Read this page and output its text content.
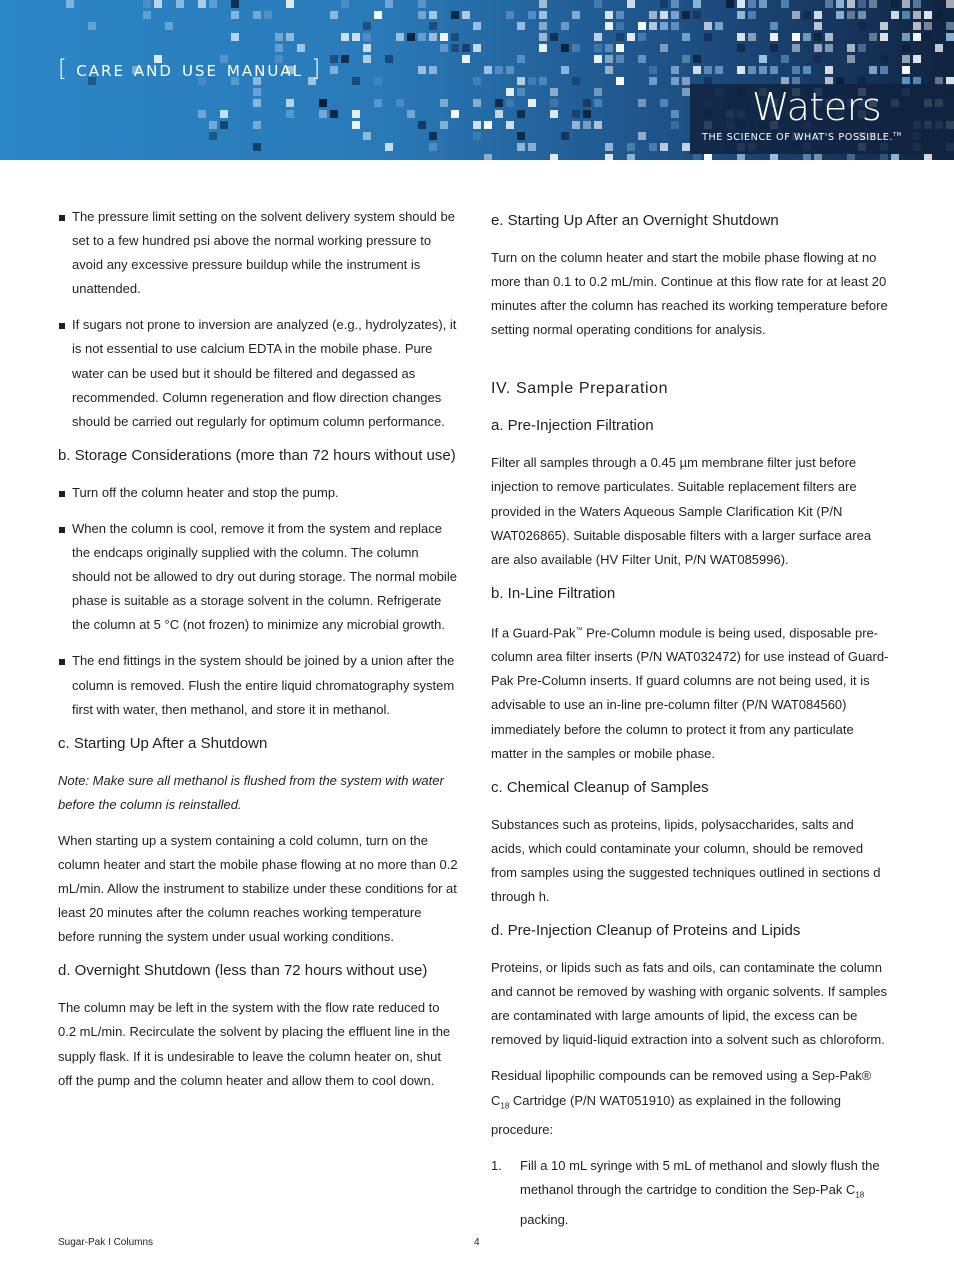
[ care and use manual ]
Waters
THE SCIENCE OF WHAT'S POSSIBLE.™
The pressure limit setting on the solvent delivery system should be set to a few hundred psi above the normal working pressure to avoid any excessive pressure buildup while the instrument is unattended.
If sugars not prone to inversion are analyzed (e.g., hydrolyzates), it is not essential to use calcium EDTA in the mobile phase. Pure water can be used but it should be filtered and degassed as recommended. Column regeneration and flow direction changes should be carried out regularly for optimum column performance.
b. Storage Considerations (more than 72 hours without use)
Turn off the column heater and stop the pump.
When the column is cool, remove it from the system and replace the endcaps originally supplied with the column. The column should not be allowed to dry out during storage. The normal mobile phase is suitable as a storage solvent in the column. Refrigerate the column at 5 °C (not frozen) to minimize any microbial growth.
The end fittings in the system should be joined by a union after the column is removed. Flush the entire liquid chromatography system first with water, then methanol, and store it in methanol.
c. Starting Up After a Shutdown

Note: Make sure all methanol is flushed from the system with water before the column is reinstalled.

When starting up a system containing a cold column, turn on the column heater and start the mobile phase flowing at no more than 0.2 mL/min. Allow the instrument to stabilize under these conditions for at least 20 minutes after the column reaches working temperature before running the system under usual working conditions.

d. Overnight Shutdown (less than 72 hours without use)

The column may be left in the system with the flow rate reduced to 0.2 mL/min. Recirculate the solvent by placing the effluent line in the supply flask. If it is undesirable to leave the column heater on, shut off the pump and the column heater and allow them to cool down.

e. Starting Up After an Overnight Shutdown

Turn on the column heater and start the mobile phase flowing at no more than 0.1 to 0.2 mL/min. Continue at this flow rate for at least 20 minutes after the column has reached its working temperature before setting normal operating conditions for analysis.

IV. Sample Preparation
a. Pre-Injection Filtration

Filter all samples through a 0.45 µm membrane filter just before injection to remove particulates. Suitable replacement filters are provided in the Waters Aqueous Sample Clarification Kit (P/N WAT026865). Suitable disposable filters with a larger surface area are also available (HV Filter Unit, P/N WAT085996).

b. In-Line Filtration

If a Guard-Pak™ Pre-Column module is being used, disposable pre-column area filter inserts (P/N WAT032472) for use instead of Guard-Pak Pre-Column inserts. If guard columns are not being used, it is advisable to use an in-line pre-column filter (P/N WAT084560) immediately before the column to protect it from any particulate matter in the samples or mobile phase.

c. Chemical Cleanup of Samples

Substances such as proteins, lipids, polysaccharides, salts and acids, which could contaminate your column, should be removed from samples using the suggested techniques outlined in sections d through h.

d. Pre-Injection Cleanup of Proteins and Lipids

Proteins, or lipids such as fats and oils, can contaminate the column and cannot be removed by washing with organic solvents. If samples are contaminated with large amounts of lipid, the excess can be removed by liquid-liquid extraction into a solvent such as chloroform.

Residual lipophilic compounds can be removed using a Sep-Pak® $C_{18}$ Cartridge (P/N WAT051910) as explained in the following procedure:

1. Fill a 10 mL syringe with 5 mL of methanol and slowly flush the methanol through the cartridge to condition the Sep-Pak $C_{18}$ packing.
Sugar-Pak I Columns	4
